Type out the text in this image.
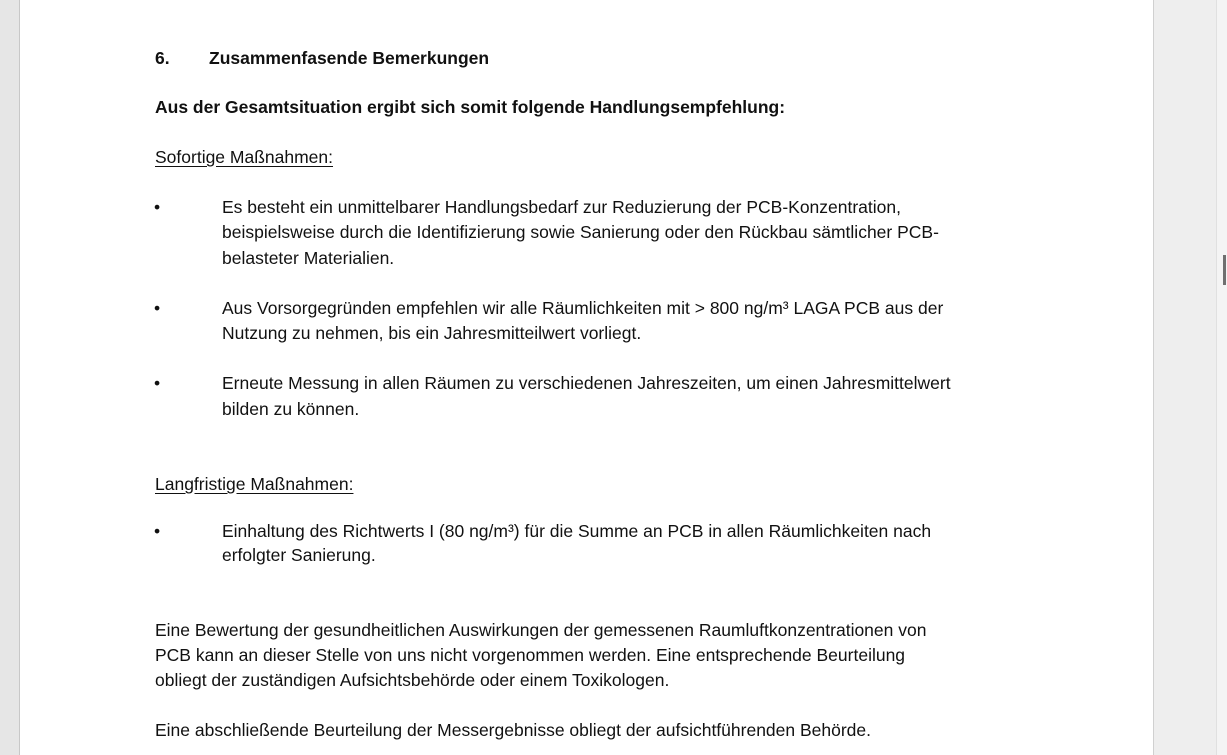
6. Zusammenfasende Bemerkungen
Aus der Gesamtsituation ergibt sich somit folgende Handlungsempfehlung:
Sofortige Maßnahmen:
•	Es besteht ein unmittelbarer Handlungsbedarf zur Reduzierung der PCB-Konzentration,
beispielsweise durch die Identifizierung sowie Sanierung oder den Rückbau sämtlicher PCB-
belasteter Materialien.
•	Aus Vorsorgegründen empfehlen wir alle Räumlichkeiten mit > 800 ng/m³ LAGA PCB aus der
Nutzung zu nehmen, bis ein Jahresmitteilwert vorliegt.
•	Erneute Messung in allen Räumen zu verschiedenen Jahreszeiten, um einen Jahresmittelwert
bilden zu können.
Langfristige Maßnahmen:
•	Einhaltung des Richtwerts I (80 ng/m³) für die Summe an PCB in allen Räumlichkeiten nach
erfolgter Sanierung.
Eine Bewertung der gesundheitlichen Auswirkungen der gemessenen Raumluftkonzentrationen von
PCB kann an dieser Stelle von uns nicht vorgenommen werden. Eine entsprechende Beurteilung
obliegt der zuständigen Aufsichtsbehörde oder einem Toxikologen.
Eine abschließende Beurteilung der Messergebnisse obliegt der aufsichtführenden Behörde.
